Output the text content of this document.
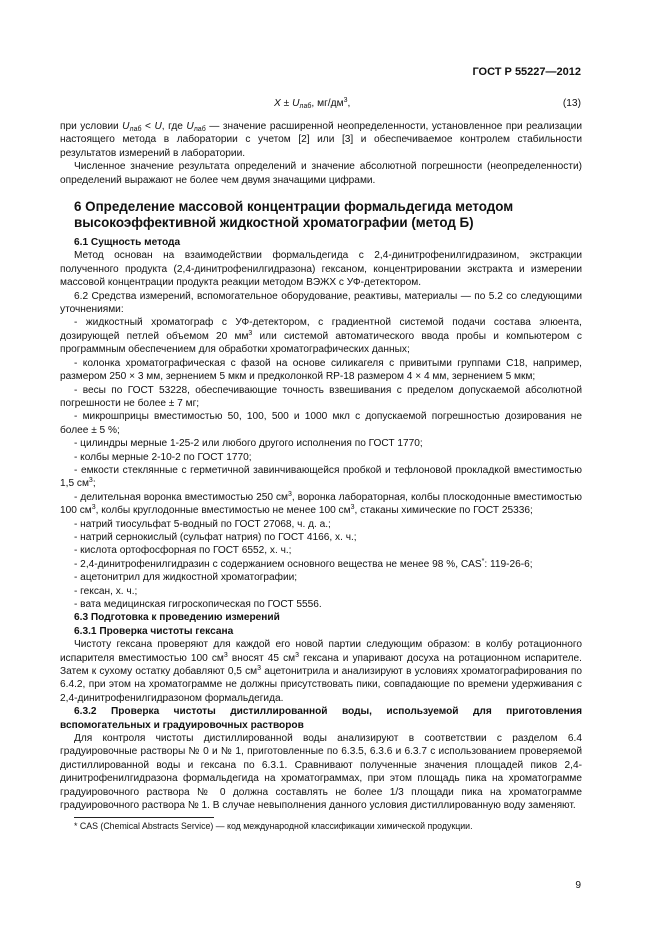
ГОСТ Р 55227—2012
$X \pm U_{лаб}$, $мг/дм^3$,	(13)

при условии $U_{лаб} < U$, где $U_{лаб}$ — значение расширенной неопределенности, установленное при реализации настоящего метода в лаборатории с учетом [2] или [3] и обеспечиваемое контролем стабильности результатов измерений в лаборатории.

Численное значение результата определений и значение абсолютной погрешности (неопределенности) определений выражают не более чем двумя значащими цифрами.

6 Определение массовой концентрации формальдегида методом
высокоэффективной жидкостной хроматографии (метод Б)

6.1 Сущность метода

Метод основан на взаимодействии формальдегида с 2,4-динитрофенилгидразином, экстракции полученного продукта (2,4-динитрофенилгидразона) гексаном, концентрировании экстракта и измерении массовой концентрации продукта реакции методом ВЭЖХ с УФ-детектором.

6.2 Средства измерений, вспомогательное оборудование, реактивы, материалы — по 5.2 со следующими уточнениями:

- жидкостный хроматограф с УФ-детектором, с градиентной системой подачи состава элюента, дозирующей петлей объемом 20 $мм^3$ или системой автоматического ввода пробы и компьютером с программным обеспечением для обработки хроматографических данных;

- колонка хроматографическая с фазой на основе силикагеля с привитыми группами С18, например, размером 250 × 3 мм, зернением 5 мкм и предколонкой RP-18 размером 4 × 4 мм, зернением 5 мкм;

- весы по ГОСТ 53228, обеспечивающие точность взвешивания с пределом допускаемой абсолютной погрешности не более ± 7 мг;

- микрошприцы вместимостью 50, 100, 500 и 1000 мкл с допускаемой погрешностью дозирования не более ± 5 %;

- цилиндры мерные 1-25-2 или любого другого исполнения по ГОСТ 1770;

- колбы мерные 2-10-2 по ГОСТ 1770;

- емкости стеклянные с герметичной завинчивающейся пробкой и тефлоновой прокладкой вместимостью 1,5 $см^3$;

- делительная воронка вместимостью 250 $см^3$, воронка лабораторная, колбы плоскодонные вместимостью 100 $см^3$, колбы круглодонные вместимостью не менее 100 $см^3$, стаканы химические по ГОСТ 25336;

- натрий тиосульфат 5-водный по ГОСТ 27068, ч. д. а.;

- натрий сернокислый (сульфат натрия) по ГОСТ 4166, х. ч.;

- кислота ортофосфорная по ГОСТ 6552, х. ч.;

- 2,4-динитрофенилгидразин с содержанием основного вещества не менее 98 %, CAS*: 119-26-6;

- ацетонитрил для жидкостной хроматографии;

- гексан, х. ч.;

- вата медицинская гигроскопическая по ГОСТ 5556.

6.3 Подготовка к проведению измерений

6.3.1 Проверка чистоты гексана

Чистоту гексана проверяют для каждой его новой партии следующим образом: в колбу ротационного испарителя вместимостью 100 $см^3$ вносят 45 $см^3$ гексана и упаривают досуха на ротационном испарителе. Затем к сухому остатку добавляют 0,5 $см^3$ ацетонитрила и анализируют в условиях хроматографирования по 6.4.2, при этом на хроматограмме не должны присутствовать пики, совпадающие по времени удерживания с 2,4-динитрофенилгидразоном формальдегида.

6.3.2 Проверка чистоты дистиллированной воды, используемой для приготовления вспомогательных и градуировочных растворов

Для контроля чистоты дистиллированной воды анализируют в соответствии с разделом 6.4 градуировочные растворы № 0 и № 1, приготовленные по 6.3.5, 6.3.6 и 6.3.7 с использованием проверяемой дистиллированной воды и гексана по 6.3.1. Сравнивают полученные значения площадей пиков 2,4-динитрофенилгидразона формальдегида на хроматограммах, при этом площадь пика на хроматограмме градуировочного раствора № 0 должна составлять не более 1/3 площади пика на хроматограмме градуировочного раствора № 1. В случае невыполнения данного условия дистиллированную воду заменяют.

* CAS (Chemical Abstracts Service) — код международной классификации химической продукции.

9
